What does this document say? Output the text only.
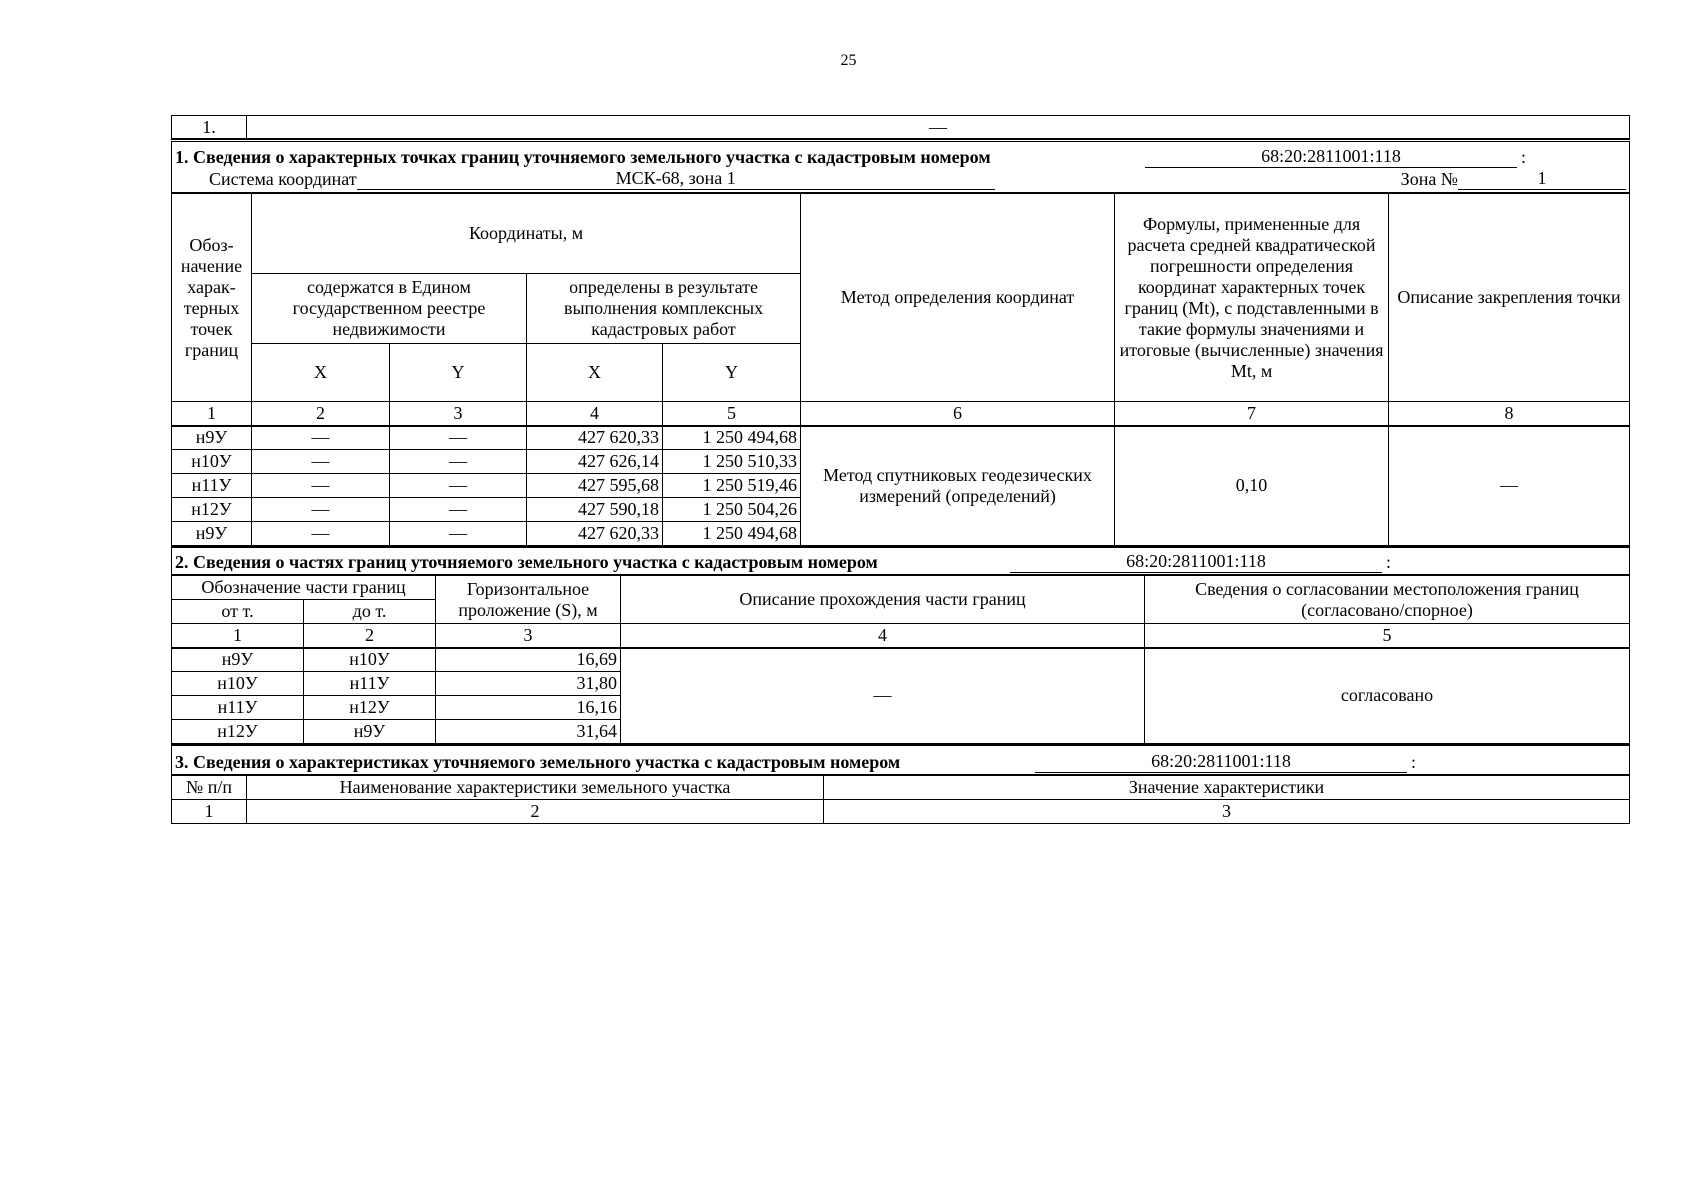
25
1.	—
1. Сведения о характерных точках границ уточняемого земельного участка с кадастровым номером	68:20:2811001:118	:
Система координат	МСК-68, зона 1	Зона №	1
Обоз-начение харак-терных точек границ	Координаты, м				Метод определения координат	Формулы, примененные для расчета средней квадратической погрешности определения координат характерных точек границ (Mt), с подставленными в такие формулы значениями и итоговые (вычисленные) значения Mt, м	Описание закрепления точки
	содержатся в Едином государственном реестре недвижимости		определены в результате выполнения комплексных кадастровых работ				
	X	Y	X	Y			
1	2	3	4	5	6	7	8
н9У	—	—	427 620,33	1 250 494,68	Метод спутниковых геодезических измерений (определений)	0,10	—
н10У	—	—	427 626,14	1 250 510,33			
н11У	—	—	427 595,68	1 250 519,46			
н12У	—	—	427 590,18	1 250 504,26			
н9У	—	—	427 620,33	1 250 494,68			
2. Сведения о частях границ уточняемого земельного участка с кадастровым номером	68:20:2811001:118	:
Обозначение части границ		Горизонтальное проложение (S), м	Описание прохождения части границ	Сведения о согласовании местоположения границ (согласовано/спорное)
от т.	до т.			
1	2	3	4	5
н9У	н10У	16,69	—	согласовано
н10У	н11У	31,80		
н11У	н12У	16,16		
н12У	н9У	31,64		
3. Сведения о характеристиках уточняемого земельного участка с кадастровым номером	68:20:2811001:118	:
№ п/п	Наименование характеристики земельного участка	Значение характеристики
1	2	3
